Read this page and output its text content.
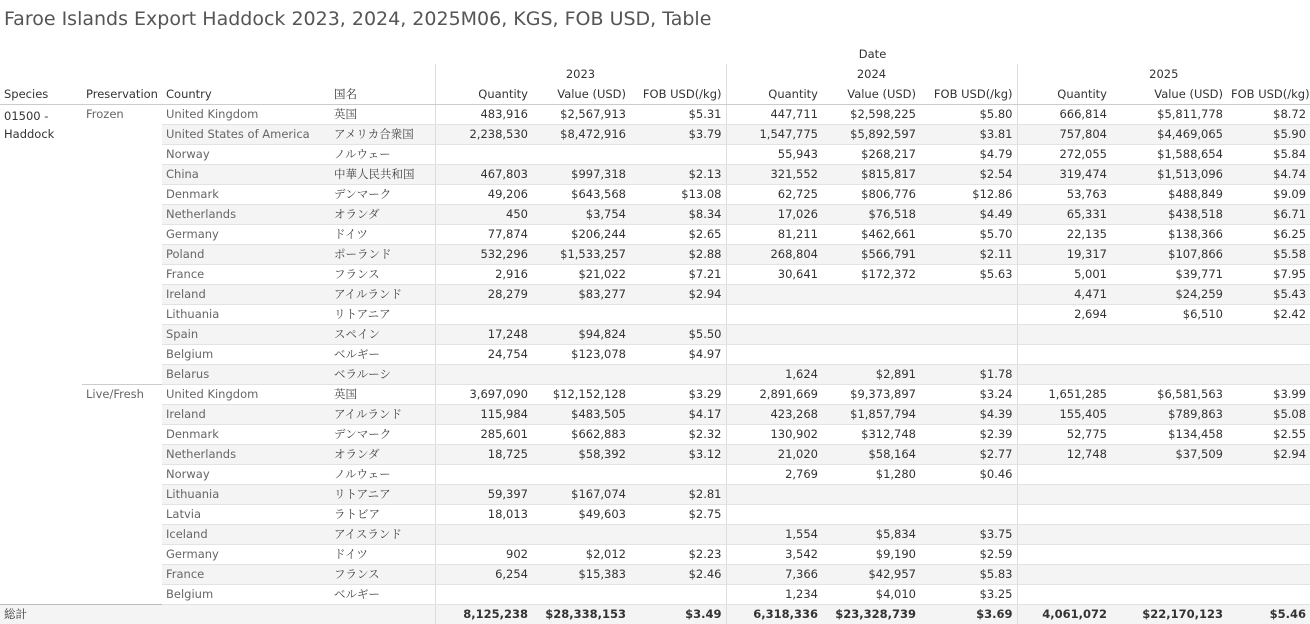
Faroe Islands Export Haddock 2023, 2024, 2025M06, KGS, FOB USD, Table
				Date								
				2023			2024			2025		
Species	Preservation	Country	国名	Quantity	Value (USD)	FOB USD(/kg)	Quantity	Value (USD)	FOB USD(/kg)	Quantity	Value (USD)	FOB USD(/kg)
01500 - Haddock	Frozen	United Kingdom	英国	483,916	$2,567,913	$5.31	447,711	$2,598,225	$5.80	666,814	$5,811,778	$8.72
		United States of America	アメリカ合衆国	2,238,530	$8,472,916	$3.79	1,547,775	$5,892,597	$3.81	757,804	$4,469,065	$5.90
		Norway	ノルウェー				55,943	$268,217	$4.79	272,055	$1,588,654	$5.84
		China	中華人民共和国	467,803	$997,318	$2.13	321,552	$815,817	$2.54	319,474	$1,513,096	$4.74
		Denmark	デンマーク	49,206	$643,568	$13.08	62,725	$806,776	$12.86	53,763	$488,849	$9.09
		Netherlands	オランダ	450	$3,754	$8.34	17,026	$76,518	$4.49	65,331	$438,518	$6.71
		Germany	ドイツ	77,874	$206,244	$2.65	81,211	$462,661	$5.70	22,135	$138,366	$6.25
		Poland	ポーランド	532,296	$1,533,257	$2.88	268,804	$566,791	$2.11	19,317	$107,866	$5.58
		France	フランス	2,916	$21,022	$7.21	30,641	$172,372	$5.63	5,001	$39,771	$7.95
		Ireland	アイルランド	28,279	$83,277	$2.94				4,471	$24,259	$5.43
		Lithuania	リトアニア							2,694	$6,510	$2.42
		Spain	スペイン	17,248	$94,824	$5.50						
		Belgium	ベルギー	24,754	$123,078	$4.97						
		Belarus	ベラルーシ				1,624	$2,891	$1.78			
	Live/Fresh	United Kingdom	英国	3,697,090	$12,152,128	$3.29	2,891,669	$9,373,897	$3.24	1,651,285	$6,581,563	$3.99
		Ireland	アイルランド	115,984	$483,505	$4.17	423,268	$1,857,794	$4.39	155,405	$789,863	$5.08
		Denmark	デンマーク	285,601	$662,883	$2.32	130,902	$312,748	$2.39	52,775	$134,458	$2.55
		Netherlands	オランダ	18,725	$58,392	$3.12	21,020	$58,164	$2.77	12,748	$37,509	$2.94
		Norway	ノルウェー				2,769	$1,280	$0.46			
		Lithuania	リトアニア	59,397	$167,074	$2.81						
		Latvia	ラトビア	18,013	$49,603	$2.75						
		Iceland	アイスランド				1,554	$5,834	$3.75			
		Germany	ドイツ	902	$2,012	$2.23	3,542	$9,190	$2.59			
		France	フランス	6,254	$15,383	$2.46	7,366	$42,957	$5.83			
		Belgium	ベルギー				1,234	$4,010	$3.25			
総計				8,125,238	$28,338,153	$3.49	6,318,336	$23,328,739	$3.69	4,061,072	$22,170,123	$5.46
